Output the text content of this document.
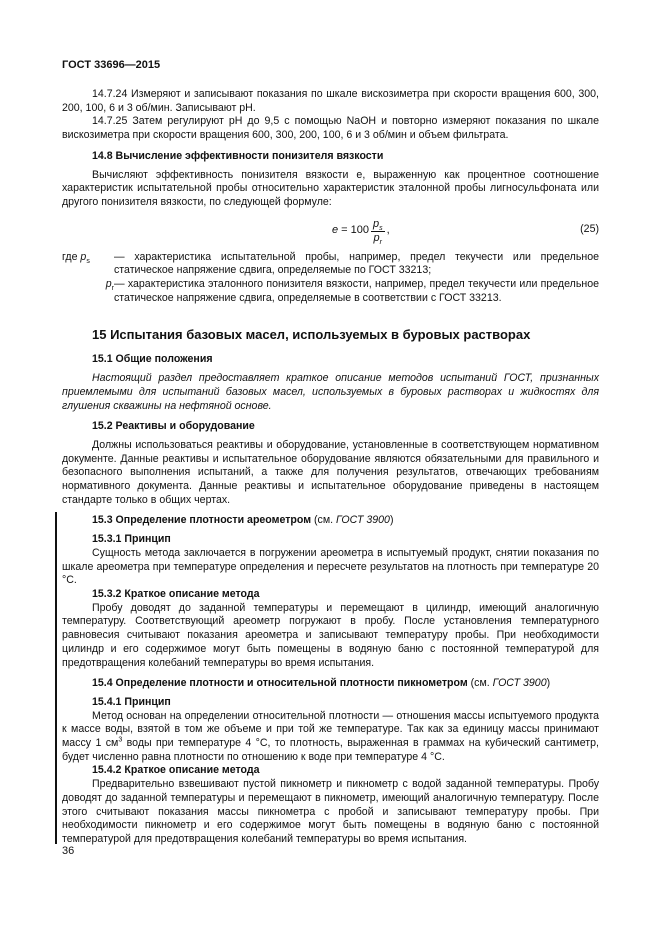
ГОСТ 33696—2015

14.7.24 Измеряют и записывают показания по шкале вискозиметра при скорости вращения 600, 300, 200, 100, 6 и 3 об/мин. Записывают рН.

14.7.25 Затем регулируют рН до 9,5 с помощью NaOH и повторно измеряют показания по шкале вискозиметра при скорости вращения 600, 300, 200, 100, 6 и 3 об/мин и объем фильтрата.

14.8 Вычисление эффективности понизителя вязкости

Вычисляют эффективность понизителя вязкости е, выраженную как процентное соотношение характеристик испытательной пробы относительно характеристик эталонной пробы лигносульфоната или другого понизителя вязкости, по следующей формуле:

$e = 100 \frac{p_s}{p_r}$ ,	(25)
где $p_s$	— характеристика испытательной пробы, например, предел текучести или предельное статическое напряжение сдвига, определяемые по ГОСТ 33213;
$p_r$ — характеристика эталонного понизителя вязкости, например, предел текучести или предельное статическое напряжение сдвига, определяемые в соответствии с ГОСТ 33213.

15 Испытания базовых масел, используемых в буровых растворах

15.1 Общие положения

Настоящий раздел предоставляет краткое описание методов испытаний ГОСТ, признанных приемлемыми для испытаний базовых масел, используемых в буровых растворах и жидкостях для глушения скважины на нефтяной основе.

15.2 Реактивы и оборудование

Должны использоваться реактивы и оборудование, установленные в соответствующем нормативном документе. Данные реактивы и испытательное оборудование являются обязательными для правильного и безопасного выполнения испытаний, а также для получения результатов, отвечающих требованиям нормативного документа. Данные реактивы и испытательное оборудование приведены в настоящем стандарте только в общих чертах.

15.3 Определение плотности ареометром (см. ГОСТ 3900)

15.3.1 Принцип

Сущность метода заключается в погружении ареометра в испытуемый продукт, снятии показания по шкале ареометра при температуре определения и пересчете результатов на плотность при температуре 20 °С.

15.3.2 Краткое описание метода

Пробу доводят до заданной температуры и перемещают в цилиндр, имеющий аналогичную температуру. Соответствующий ареометр погружают в пробу. После установления температурного равновесия считывают показания ареометра и записывают температуру пробы. При необходимости цилиндр и его содержимое могут быть помещены в водяную баню с постоянной температурой для предотвращения колебаний температуры во время испытания.

15.4 Определение плотности и относительной плотности пикнометром (см. ГОСТ 3900)

15.4.1 Принцип

Метод основан на определении относительной плотности — отношения массы испытуемого продукта к массе воды, взятой в том же объеме и при той же температуре. Так как за единицу массы принимают массу 1 $см^3$ воды при температуре 4 °С, то плотность, выраженная в граммах на кубический сантиметр, будет численно равна плотности по отношению к воде при температуре 4 °С.

15.4.2 Краткое описание метода

Предварительно взвешивают пустой пикнометр и пикнометр с водой заданной температуры. Пробу доводят до заданной температуры и перемещают в пикнометр, имеющий аналогичную температуру. После этого считывают показания массы пикнометра с пробой и записывают температуру пробы. При необходимости пикнометр и его содержимое могут быть помещены в водяную баню с постоянной температурой для предотвращения колебаний температуры во время испытания.

36
